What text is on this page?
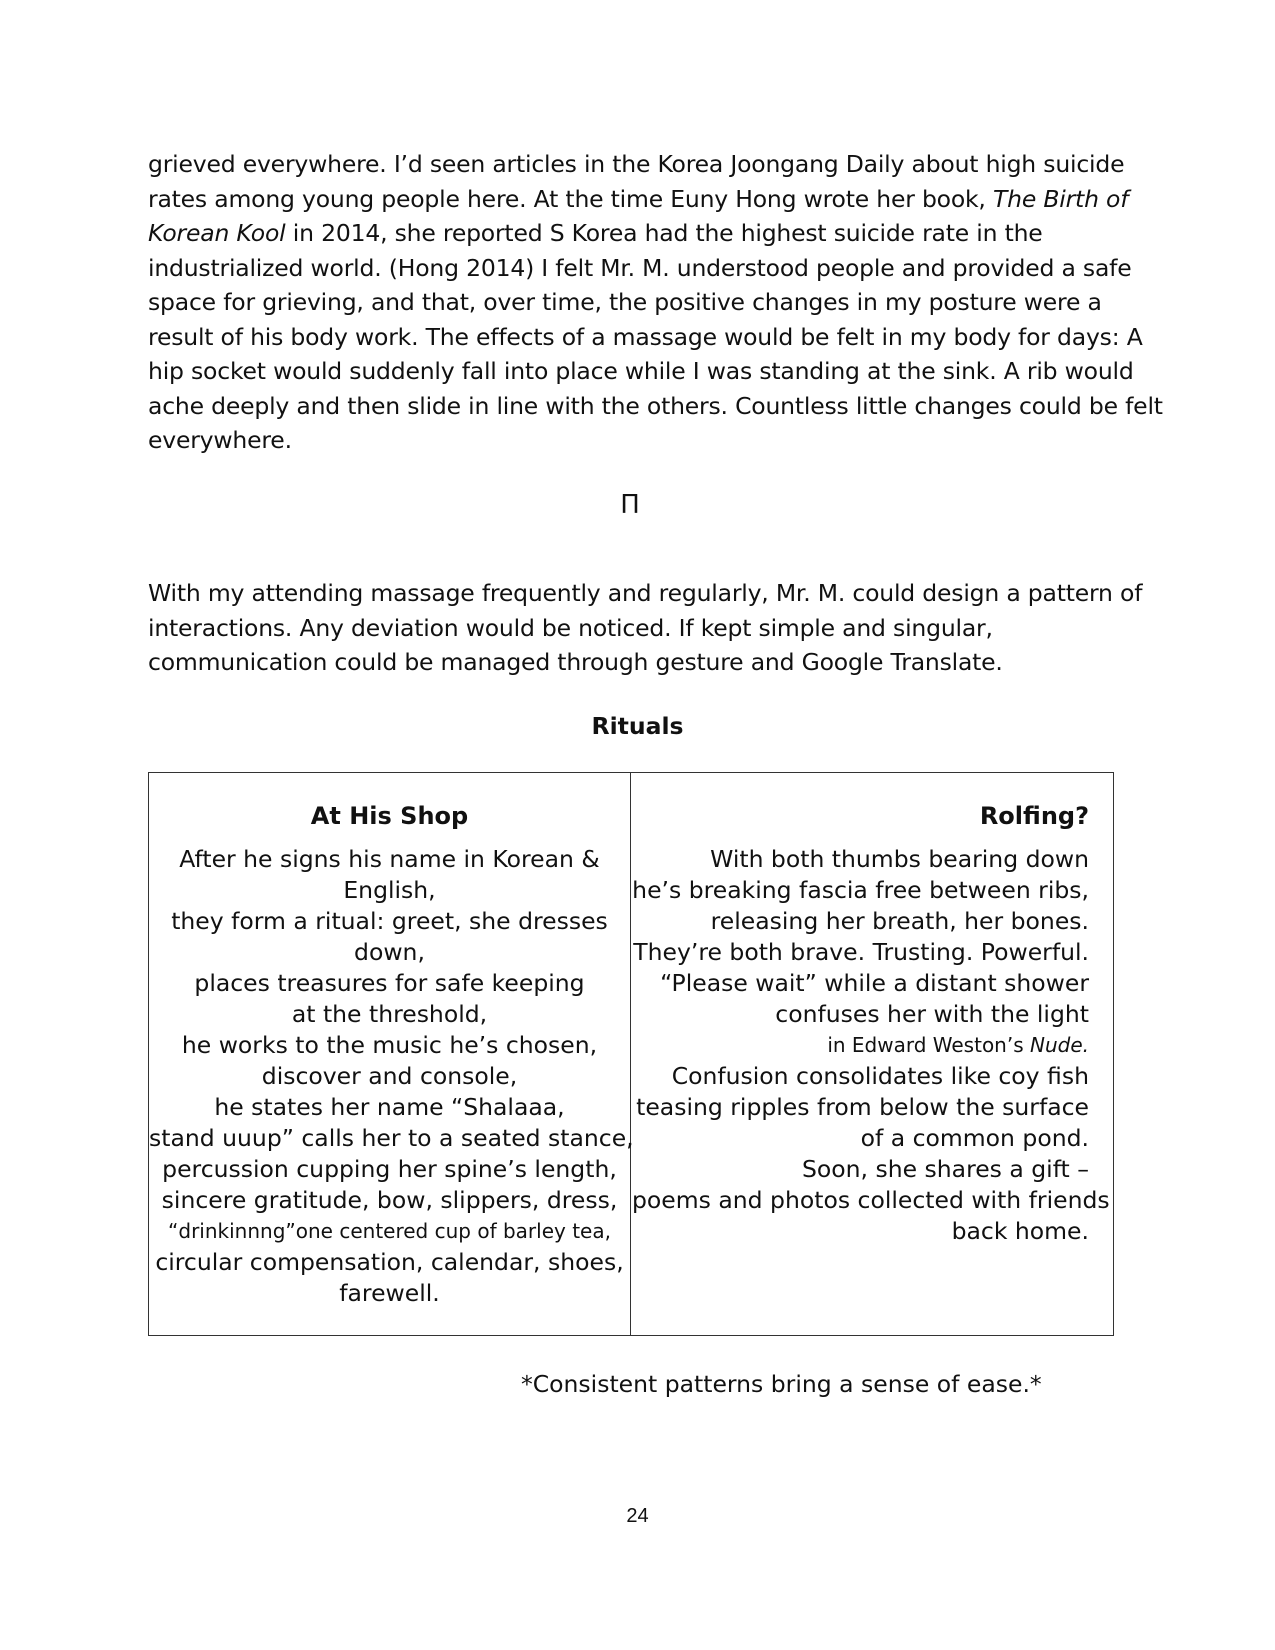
grieved everywhere. I’d seen articles in the Korea Joongang Daily about high suicide
rates among young people here. At the time Euny Hong wrote her book, The Birth of
Korean Kool in 2014, she reported S Korea had the highest suicide rate in the
industrialized world. (Hong 2014) I felt Mr. M. understood people and provided a safe
space for grieving, and that, over time, the positive changes in my posture were a
result of his body work. The effects of a massage would be felt in my body for days: A
hip socket would suddenly fall into place while I was standing at the sink. A rib would
ache deeply and then slide in line with the others. Countless little changes could be felt
everywhere.
Π
With my attending massage frequently and regularly, Mr. M. could design a pattern of
interactions. Any deviation would be noticed. If kept simple and singular,
communication could be managed through gesture and Google Translate.
Rituals
At His Shop
After he signs his name in Korean &
English,
they form a ritual: greet, she dresses
down,
places treasures for safe keeping
at the threshold,
he works to the music he’s chosen,
discover and console,
he states her name “Shalaaa,
stand uuup” calls her to a seated stance,
percussion cupping her spine’s length,
sincere gratitude, bow, slippers, dress,
“drinkinnng”one centered cup of barley tea,
circular compensation, calendar, shoes,
farewell.
Rolfing?
With both thumbs bearing down
he’s breaking fascia free between ribs,
releasing her breath, her bones.
They’re both brave. Trusting. Powerful.
“Please wait” while a distant shower
confuses her with the light
in Edward Weston’s Nude.
Confusion consolidates like coy fish
teasing ripples from below the surface
of a common pond.
Soon, she shares a gift –
poems and photos collected with friends
back home.
*Consistent patterns bring a sense of ease.*
24
